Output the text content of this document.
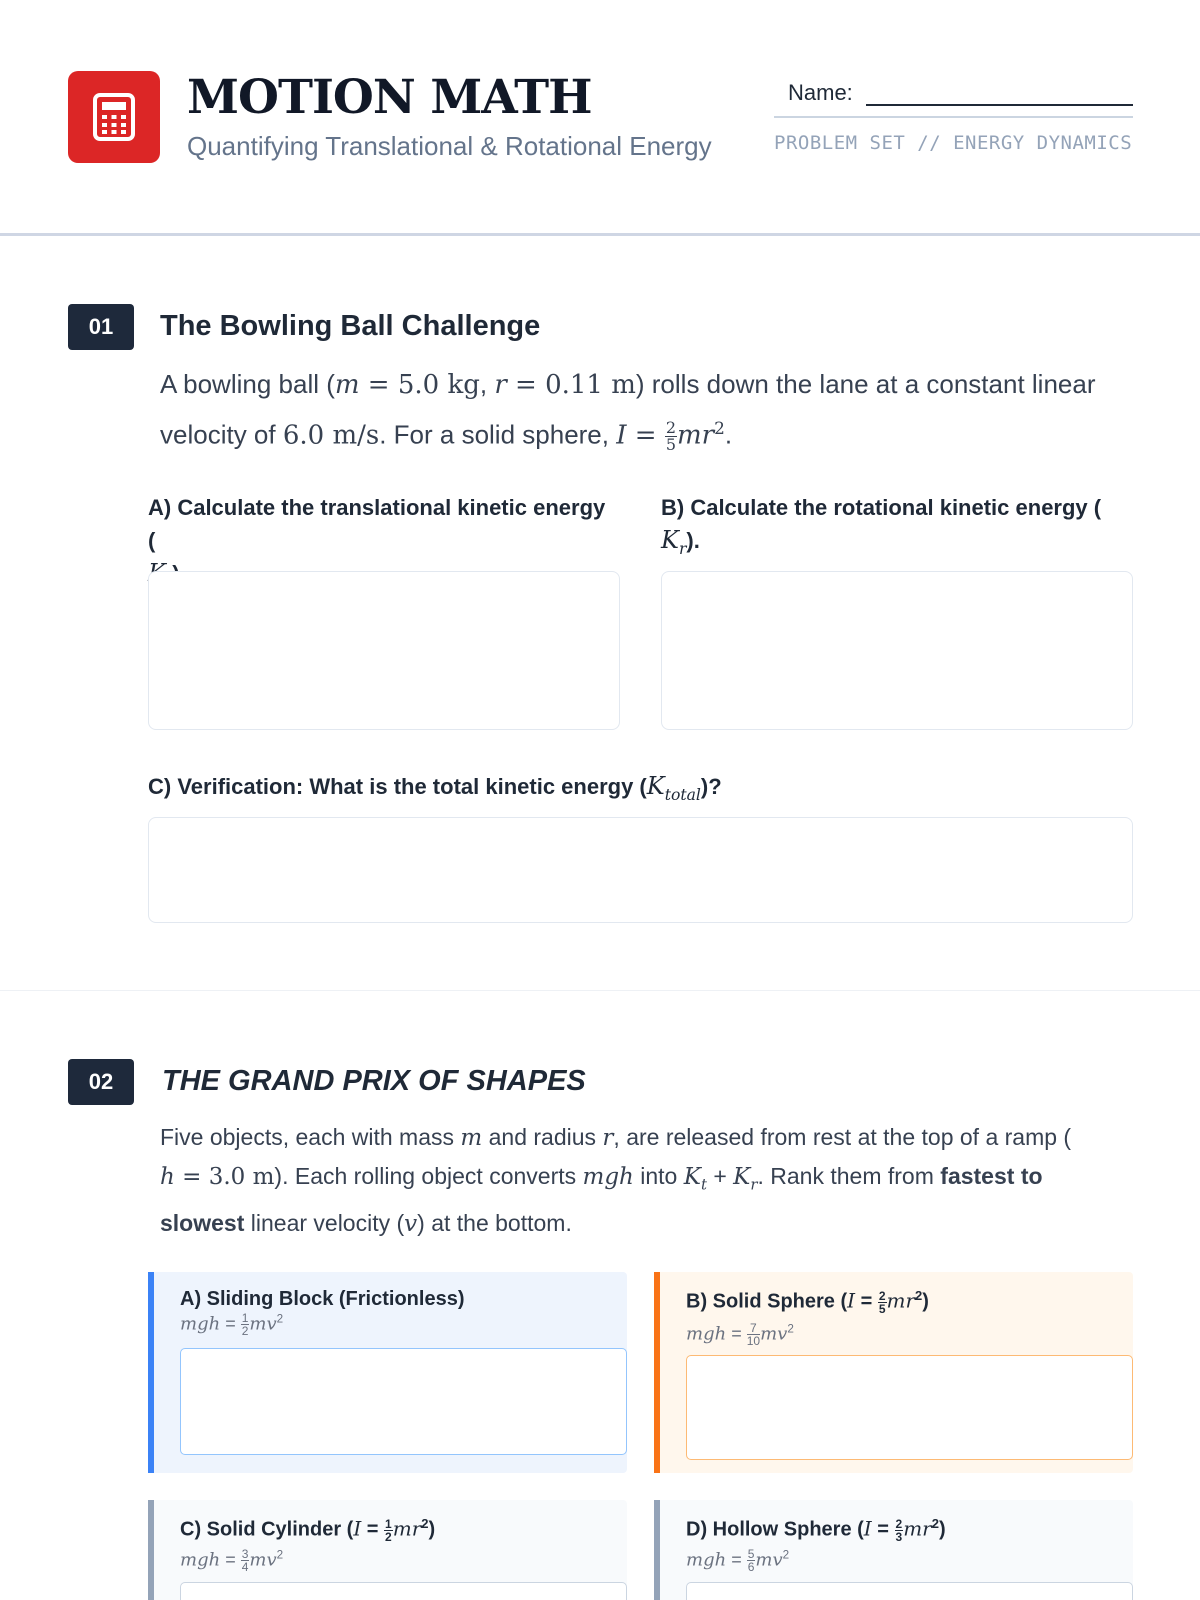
MOTION MATH
Quantifying Translational & Rotational Energy
Name:
PROBLEM SET // ENERGY DYNAMICS
01	The Bowling Ball Challenge
A bowling ball (m = 5.0 kg, r = 0.11 m) rolls down the lane at a constant linear
velocity of 6.0 m/s. For a solid sphere, $I = \frac{2}{5} mr^2$.
A) Calculate the translational kinetic energy (

B) Calculate the rotational kinetic energy (
$K_r$).
C) Verification: What is the total kinetic energy $(K_{total})$?
02	THE GRAND PRIX OF SHAPES
Five objects, each with mass m and radius r, are released from rest at the top of a ramp (
h = 3.0 m). Each rolling object converts mgh into $K_t + K_r$. Rank them from fastest to
slowest linear velocity (v) at the bottom.
A) Sliding Block (Frictionless)
mgh = $\frac{1}{2} mv^2$
B) Solid Sphere $(I = \frac{2}{5} mr^2)$
mgh = $\frac{7}{10} mv^2$
C) Solid Cylinder $(I = \frac{1}{2} mr^2)$
mgh = $\frac{3}{4} mv^2$
D) Hollow Sphere $(I = \frac{2}{3} mr^2)$
mgh = $\frac{5}{6} mv^2$
